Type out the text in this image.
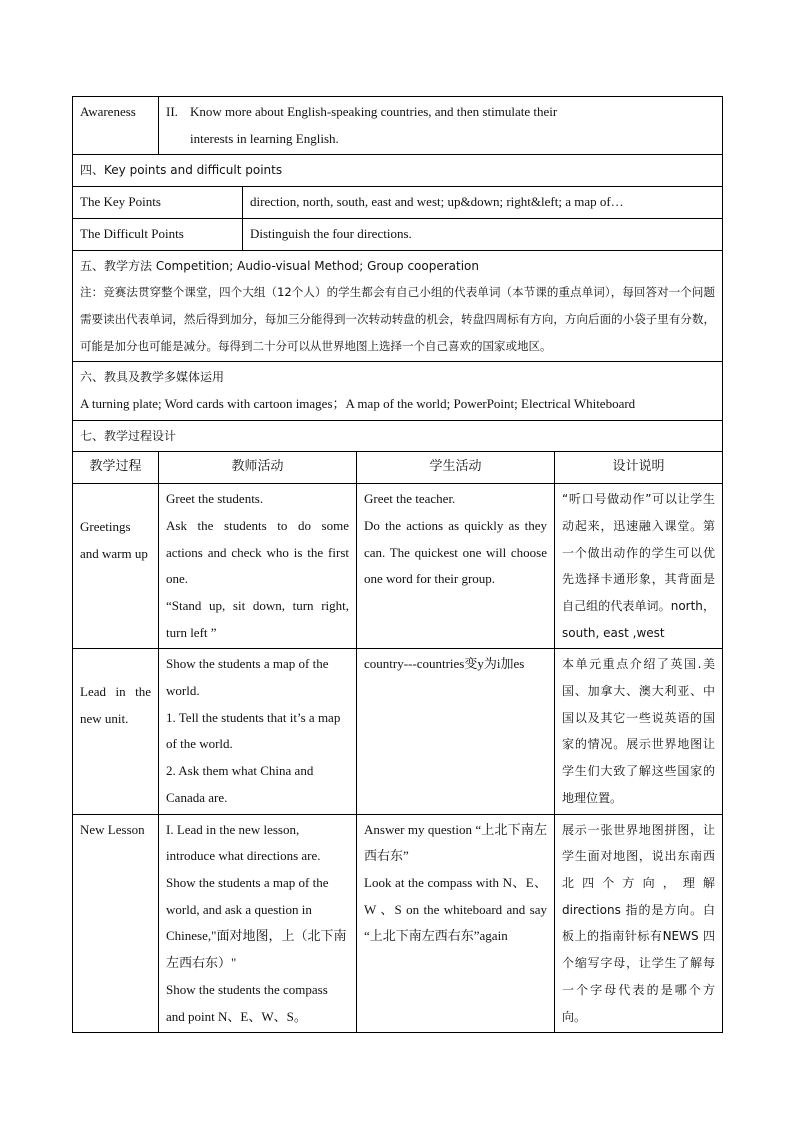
Awareness	II. Know more about English-speaking countries, and then stimulate their
interests in learning English.			

四、Key points and difficult points				
The Key Points		direction, north, south, east and west; up&down; right&left; a map of…		
The Difficult Points		Distinguish the four directions.		

五、教学方法 Competition; Audio-visual Method; Group cooperation
注：竞赛法贯穿整个课堂，四个大组（12个人）的学生都会有自己小组的代表单词（本节课的重点单词），每回答对一个问题需要读出代表单词，然后得到加分，每加三分能得到一次转动转盘的机会，转盘四周标有方向，方向后面的小袋子里有分数，可能是加分也可能是减分。每得到二十分可以从世界地图上选择一个自己喜欢的国家或地区。				

六、教具及教学多媒体运用
A turning plate; Word cards with cartoon images；A map of the world; PowerPoint; Electrical Whiteboard				

七、教学过程设计				
教学过程	教师活动		学生活动	设计说明
Greetings and warm up	Greet the students.
Ask the students to do some actions and check who is the first one.
“Stand up, sit down, turn right, turn left ”		Greet the teacher.
Do the actions as quickly as they can. The quickest one will choose one word for their group.	“听口号做动作”可以让学生动起来，迅速融入课堂。第一个做出动作的学生可以优先选择卡通形象，其背面是自己组的代表单词。north，south, east ,west
Lead in the new unit.	Show the students a map of the world.
1. Tell the students that it’s a map of the world.
2. Ask them what China and Canada are.		country---countries变y为i加es	本单元重点介绍了英国.美国、加拿大、澳大利亚、中国以及其它一些说英语的国家的情况。展示世界地图让学生们大致了解这些国家的地理位置。
New Lesson	I. Lead in the new lesson, introduce what directions are.
Show the students a map of the world, and ask a question in Chinese,"面对地图，上（北下南左西右东）"
Show the students the compass and point N、E、W、S。		Answer my question “上北下南左西右东”
Look at the compass with N、E、W 、S on the whiteboard and say “上北下南左西右东”again	展示一张世界地图拼图，让学生面对地图，说出东南西北四个方向，理解 directions 指的是方向。白板上的指南针标有NEWS 四个缩写字母，让学生了解每一个字母代表的是哪个方向。
